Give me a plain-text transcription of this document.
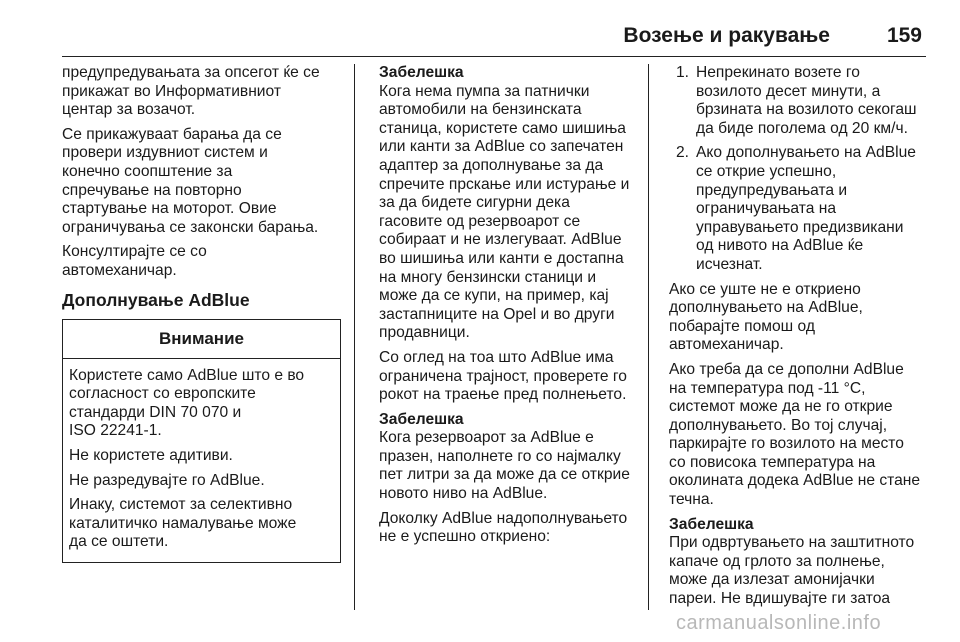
Возење и ракување	159

предупредувањата за опсегот ќе се
прикажат во Информативниот
центар за возачот.

Се прикажуваат барања да се
провери издувниот систем и
конечно соопштение за
спречување на повторно
стартување на моторот. Овие
ограничувања се законски барања.

Консултирајте се со
автомеханичар.

Дополнување AdBlue
Внимание

Користете само AdBlue што е во
согласност со европските
стандарди DIN 70 070 и
ISO 22241-1.

Не користете адитиви.

Не разредувајте го AdBlue.

Инаку, системот за селективно
каталитичко намалување може
да се оштети.

Забелешка
Кога нема пумпа за патнички
автомобили на бензинската
станица, користете само шишиња
или канти за AdBlue со запечатен
адаптер за дополнување за да
спречите прскање или истурање и
за да бидете сигурни дека
гасовите од резервоарот се
собираат и не излегуваат. AdBlue
во шишиња или канти е достапна
на многу бензински станици и
може да се купи, на пример, кај
застапниците на Opel и во други
продавници.

Со оглед на тоа што AdBlue има
ограничена трајност, проверете го
рокот на траење пред полнењето.

Забелешка
Кога резервоарот за AdBlue е
празен, наполнете го со најмалку
пет литри за да може да се открие
новото ниво на AdBlue.

Доколку AdBlue надополнувањето
не е успешно откриено:

1. Непрекинато возете го
возилото десет минути, а
брзината на возилото секогаш
да биде поголема од 20 км/ч.
2. Ако дополнувањето на AdBlue
се открие успешно,
предупредувањата и
ограничувањата на
управувањето предизвикани
од нивото на AdBlue ќе
исчезнат.

Ако се уште не е откриено
дополнувањето на AdBlue,
побарајте помош од
автомеханичар.

Ако треба да се дополни AdBlue
на температура под -11 °C,
системот може да не го открие
дополнувањето. Во тој случај,
паркирајте го возилото на место
со повисока температура на
околината додека AdBlue не стане
течна.

Забелешка
При одвртувањето на заштитното
капаче од грлото за полнење,
може да излезат амонијачки
пареи. Не вдишувајте ги затоа

carmanualsonline.info
